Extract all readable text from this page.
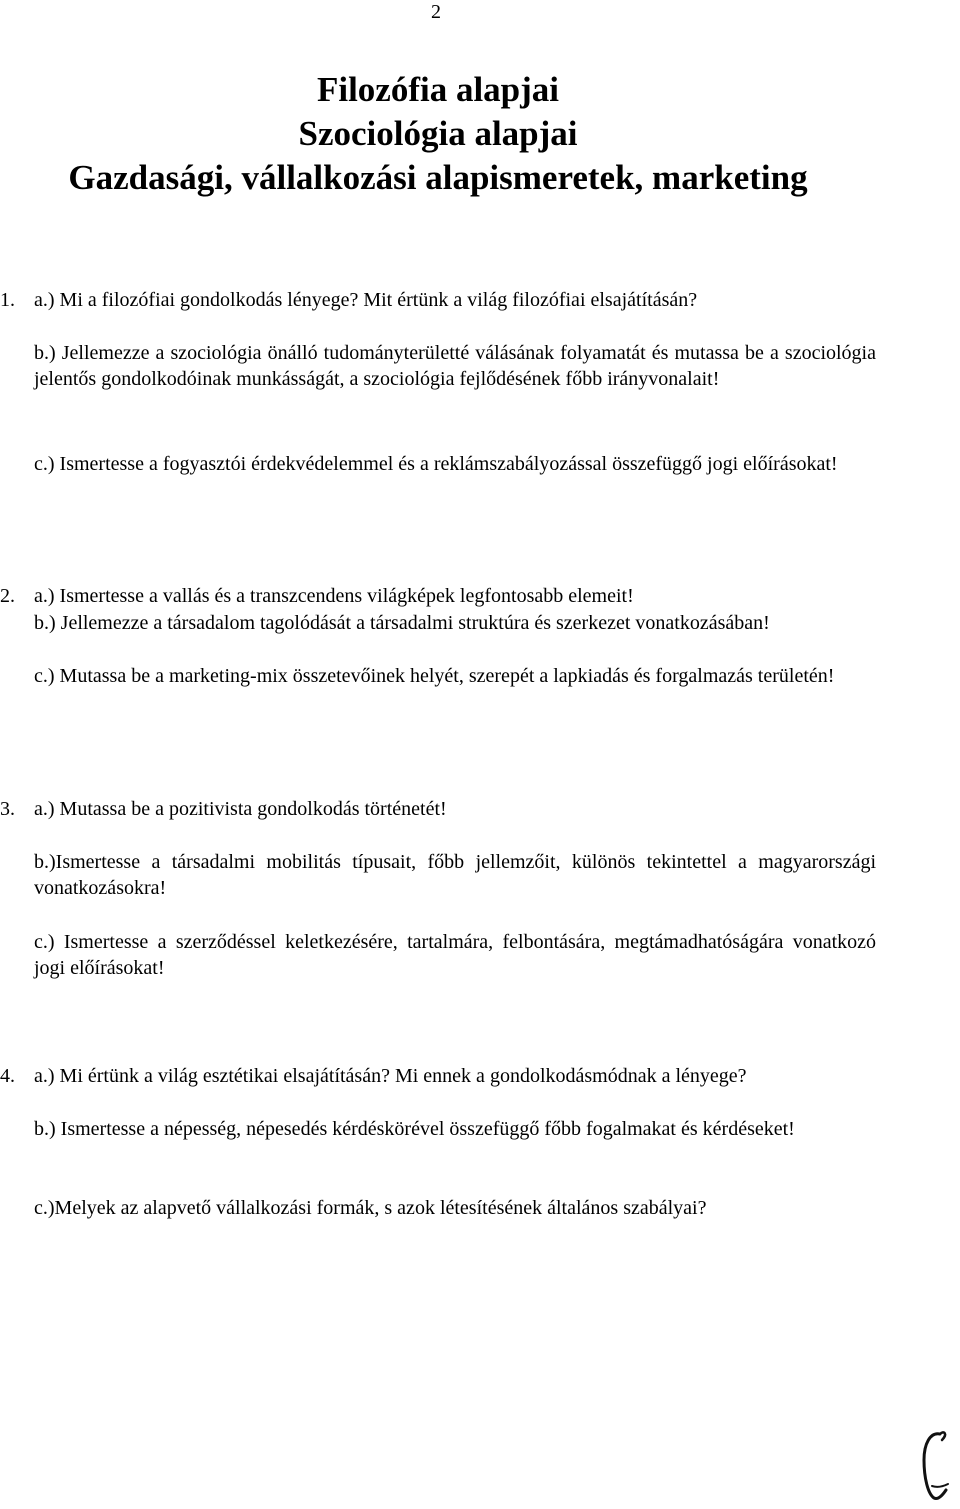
2
Filozófia alapjai
Szociológia alapjai
Gazdasági, vállalkozási alapismeretek, marketing
1. a.) Mi a filozófiai gondolkodás lényege? Mit értünk a világ filozófiai elsajátításán?
b.) Jellemezze a szociológia önálló tudományterületté válásának folyamatát és mutassa be a szociológia jelentős gondolkodóinak munkásságát, a szociológia fejlődésének főbb irányvonalait!
c.) Ismertesse a fogyasztói érdekvédelemmel és a reklámszabályozással összefüggő jogi előírásokat!
2. a.) Ismertesse a vallás és a transzcendens világképek legfontosabb elemeit!
b.) Jellemezze a társadalom tagolódását a társadalmi struktúra és szerkezet vonatkozásában!
c.) Mutassa be a marketing-mix összetevőinek helyét, szerepét a lapkiadás és forgalmazás területén!
3. a.) Mutassa be a pozitivista gondolkodás történetét!
b.)Ismertesse a társadalmi mobilitás típusait, főbb jellemzőit, különös tekintettel a magyarországi vonatkozásokra!
c.) Ismertesse a szerződéssel keletkezésére, tartalmára, felbontására, megtámadhatóságára vonatkozó jogi előírásokat!
4. a.) Mi értünk a világ esztétikai elsajátításán? Mi ennek a gondolkodásmódnak a lényege?
b.) Ismertesse a népesség, népesedés kérdéskörével összefüggő főbb fogalmakat és kérdéseket!
c.)Melyek az alapvető vállalkozási formák, s azok létesítésének általános szabályai?
